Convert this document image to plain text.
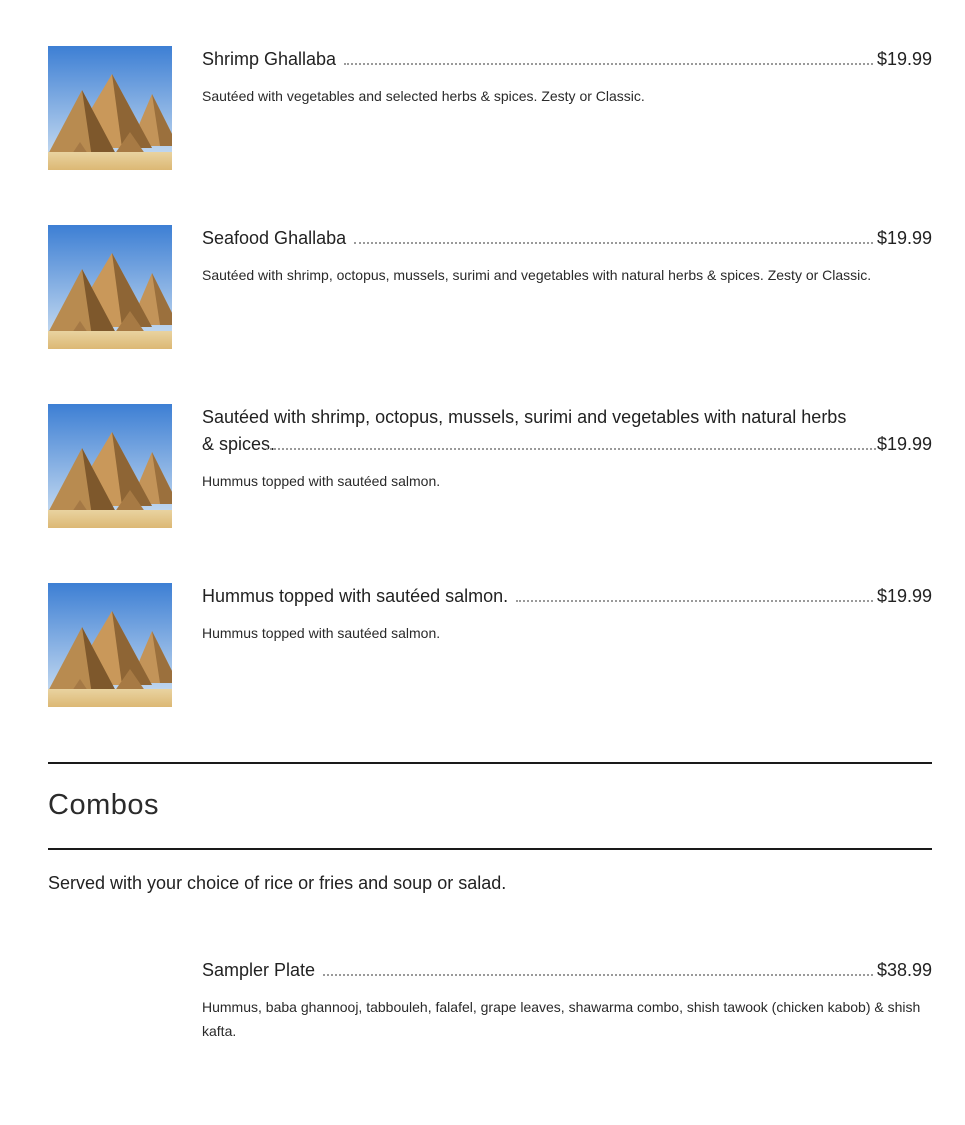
Shrimp Ghallaba	$19.99
Sautéed with vegetables and selected herbs & spices. Zesty or Classic.
Seafood Ghallaba	$19.99
Sautéed with shrimp, octopus, mussels, surimi and vegetables with natural herbs & spices. Zesty or Classic.
Sautéed with shrimp, octopus, mussels, surimi and vegetables with natural herbs & spices.	$19.99
Hummus topped with sautéed salmon.
Hummus topped with sautéed salmon.	$19.99
Hummus topped with sautéed salmon.
Combos
Served with your choice of rice or fries and soup or salad.
Sampler Plate	$38.99
Hummus, baba ghannooj, tabbouleh, falafel, grape leaves, shawarma combo, shish tawook (chicken kabob) & shish kafta.
